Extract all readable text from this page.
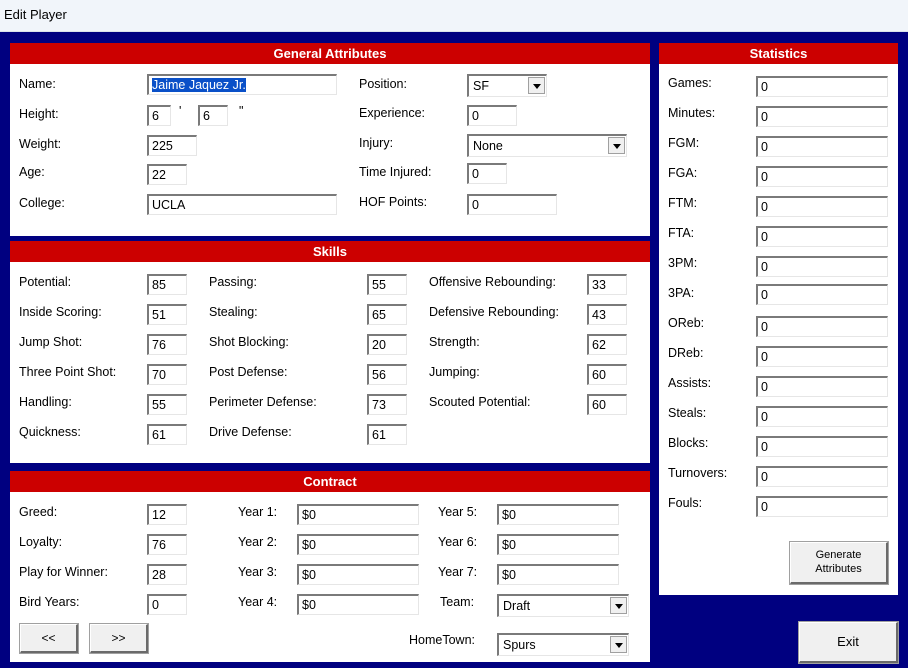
Edit Player
General Attributes
Name:	Jaime Jaquez Jr.
Height:	6	'	6	"
Weight:	225
Age:	22
College:	UCLA
Position:	SF
Experience:	0
Injury:	None
Time Injured:	0
HOF Points:	0
Skills
Potential:	85
Inside Scoring:	51
Jump Shot:	76
Three Point Shot:	70
Handling:	55
Quickness:	61
Passing:	55
Stealing:	65
Shot Blocking:	20
Post Defense:	56
Perimeter Defense:	73
Drive Defense:	61
Offensive Rebounding:	33
Defensive Rebounding:	43
Strength:	62
Jumping:	60
Scouted Potential:	60
Contract
Greed:	12
Loyalty:	76
Play for Winner:	28
Bird Years:	0
Year 1:	$0
Year 2:	$0
Year 3:	$0
Year 4:	$0
Year 5:	$0
Year 6:	$0
Year 7:	$0
Team:	Draft
HomeTown:	Spurs
<<	>>
Statistics
Games:	0
Minutes:	0
FGM:	0
FGA:	0
FTM:	0
FTA:	0
3PM:	0
3PA:	0
OReb:	0
DReb:	0
Assists:	0
Steals:	0
Blocks:	0
Turnovers:	0
Fouls:	0
Generate
Attributes
Exit
